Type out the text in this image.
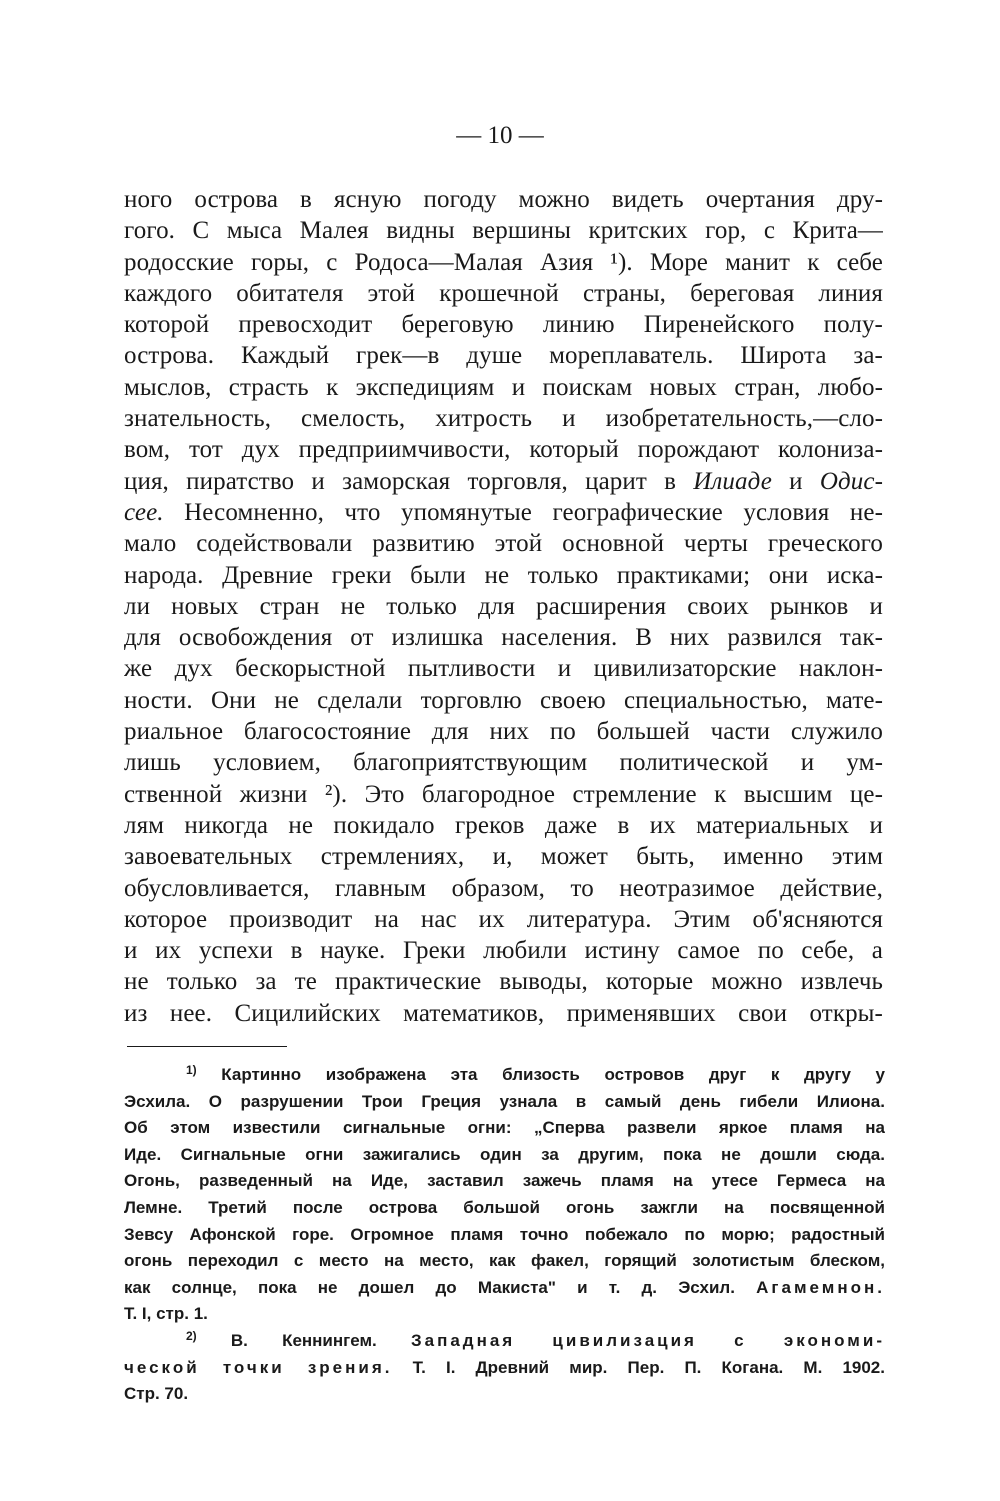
— 10 —
ного острова в ясную погоду можно видеть очертания дру-
гого. С мыса Малея видны вершины критских гор, с Крита—
родосские горы, с Родоса—Малая Азия ¹). Море манит к себе
каждого обитателя этой крошечной страны, береговая линия
которой превосходит береговую линию Пиренейского полу-
острова. Каждый грек—в душе мореплаватель. Широта за-
мыслов, страсть к экспедициям и поискам новых стран, любо-
знательность, смелость, хитрость и изобретательность,—сло-
вом, тот дух предприимчивости, который порождают колониза-
ция, пиратство и заморская торговля, царит в Илиаде и Одис-
сее. Несомненно, что упомянутые географические условия не-
мало содействовали развитию этой основной черты греческого
народа. Древние греки были не только практиками; они иска-
ли новых стран не только для расширения своих рынков и
для освобождения от излишка населения. В них развился так-
же дух бескорыстной пытливости и цивилизаторские наклон-
ности. Они не сделали торговлю своею специальностью, мате-
риальное благосостояние для них по большей части служило
лишь условием, благоприятствующим политической и ум-
ственной жизни ²). Это благородное стремление к высшим це-
лям никогда не покидало греков даже в их материальных и
завоевательных стремлениях, и, может быть, именно этим
обусловливается, главным образом, то неотразимое действие,
которое производит на нас их литература. Этим об'ясняются
и их успехи в науке. Греки любили истину самое по себе, а
не только за те практические выводы, которые можно извлечь
из нее. Сицилийских математиков, применявших свои откры-
$^{1)}$ Картинно изображена эта близость островов друг к другу у
Эсхила. О разрушении Трои Греция узнала в самый день гибели Илиона.
Об этом известили сигнальные огни: „Сперва развели яркое пламя на
Иде. Сигнальные огни зажигались один за другим, пока не дошли сюда.
Огонь, разведенный на Иде, заставил зажечь пламя на утесе Гермеса на
Лемне. Третий после острова большой огонь зажгли на посвященной
Зевсу Афонской горе. Огромное пламя точно побежало по морю; радостный
огонь переходил с место на место, как факел, горящий золотистым блеском,
как солнце, пока не дошел до Макиста" и т. д. Эсхил. Агамемнон.
Т. I, стр. 1.
$^{2)}$ В. Кеннингем. Западная цивилизация с экономи-
ческой точки зрения. Т. I. Древний мир. Пер. П. Когана. М. 1902.
Стр. 70.
